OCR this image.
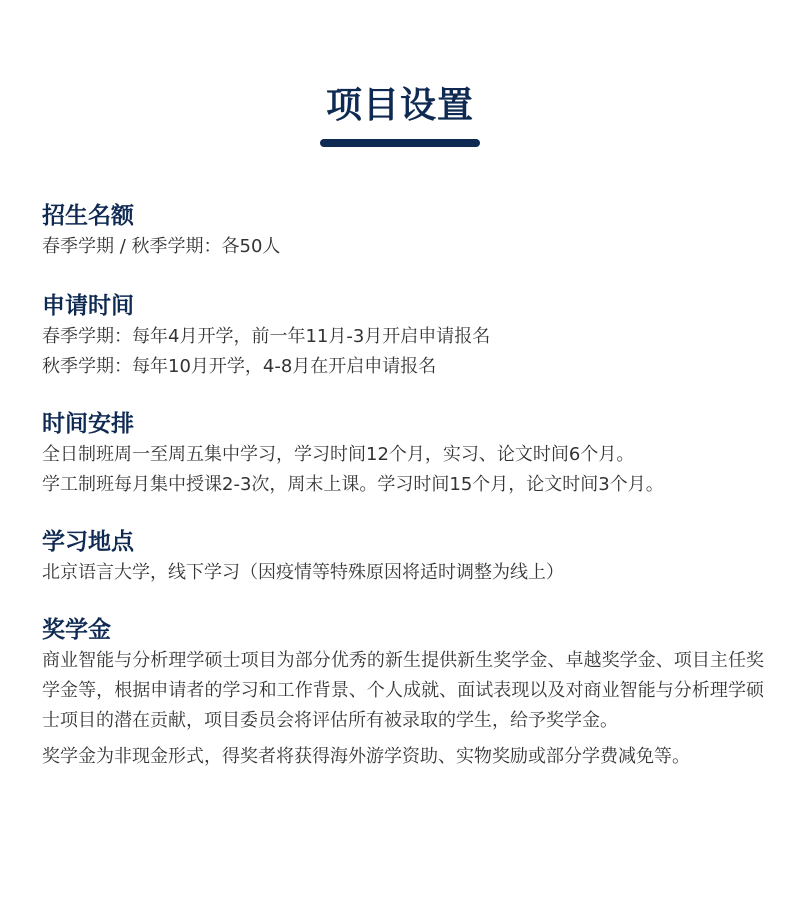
项目设置
招生名额

春季学期 / 秋季学期：各50人

申请时间

春季学期：每年4月开学，前一年11月-3月开启申请报名

秋季学期：每年10月开学，4-8月在开启申请报名

时间安排

全日制班周一至周五集中学习，学习时间12个月，实习、论文时间6个月。

学工制班每月集中授课2-3次，周末上课。学习时间15个月，论文时间3个月。

学习地点

北京语言大学，线下学习（因疫情等特殊原因将适时调整为线上）

奖学金

商业智能与分析理学硕士项目为部分优秀的新生提供新生奖学金、卓越奖学金、项目主任奖学金等，根据申请者的学习和工作背景、个人成就、面试表现以及对商业智能与分析理学硕士项目的潜在贡献，项目委员会将评估所有被录取的学生，给予奖学金。

奖学金为非现金形式，得奖者将获得海外游学资助、实物奖励或部分学费减免等。
